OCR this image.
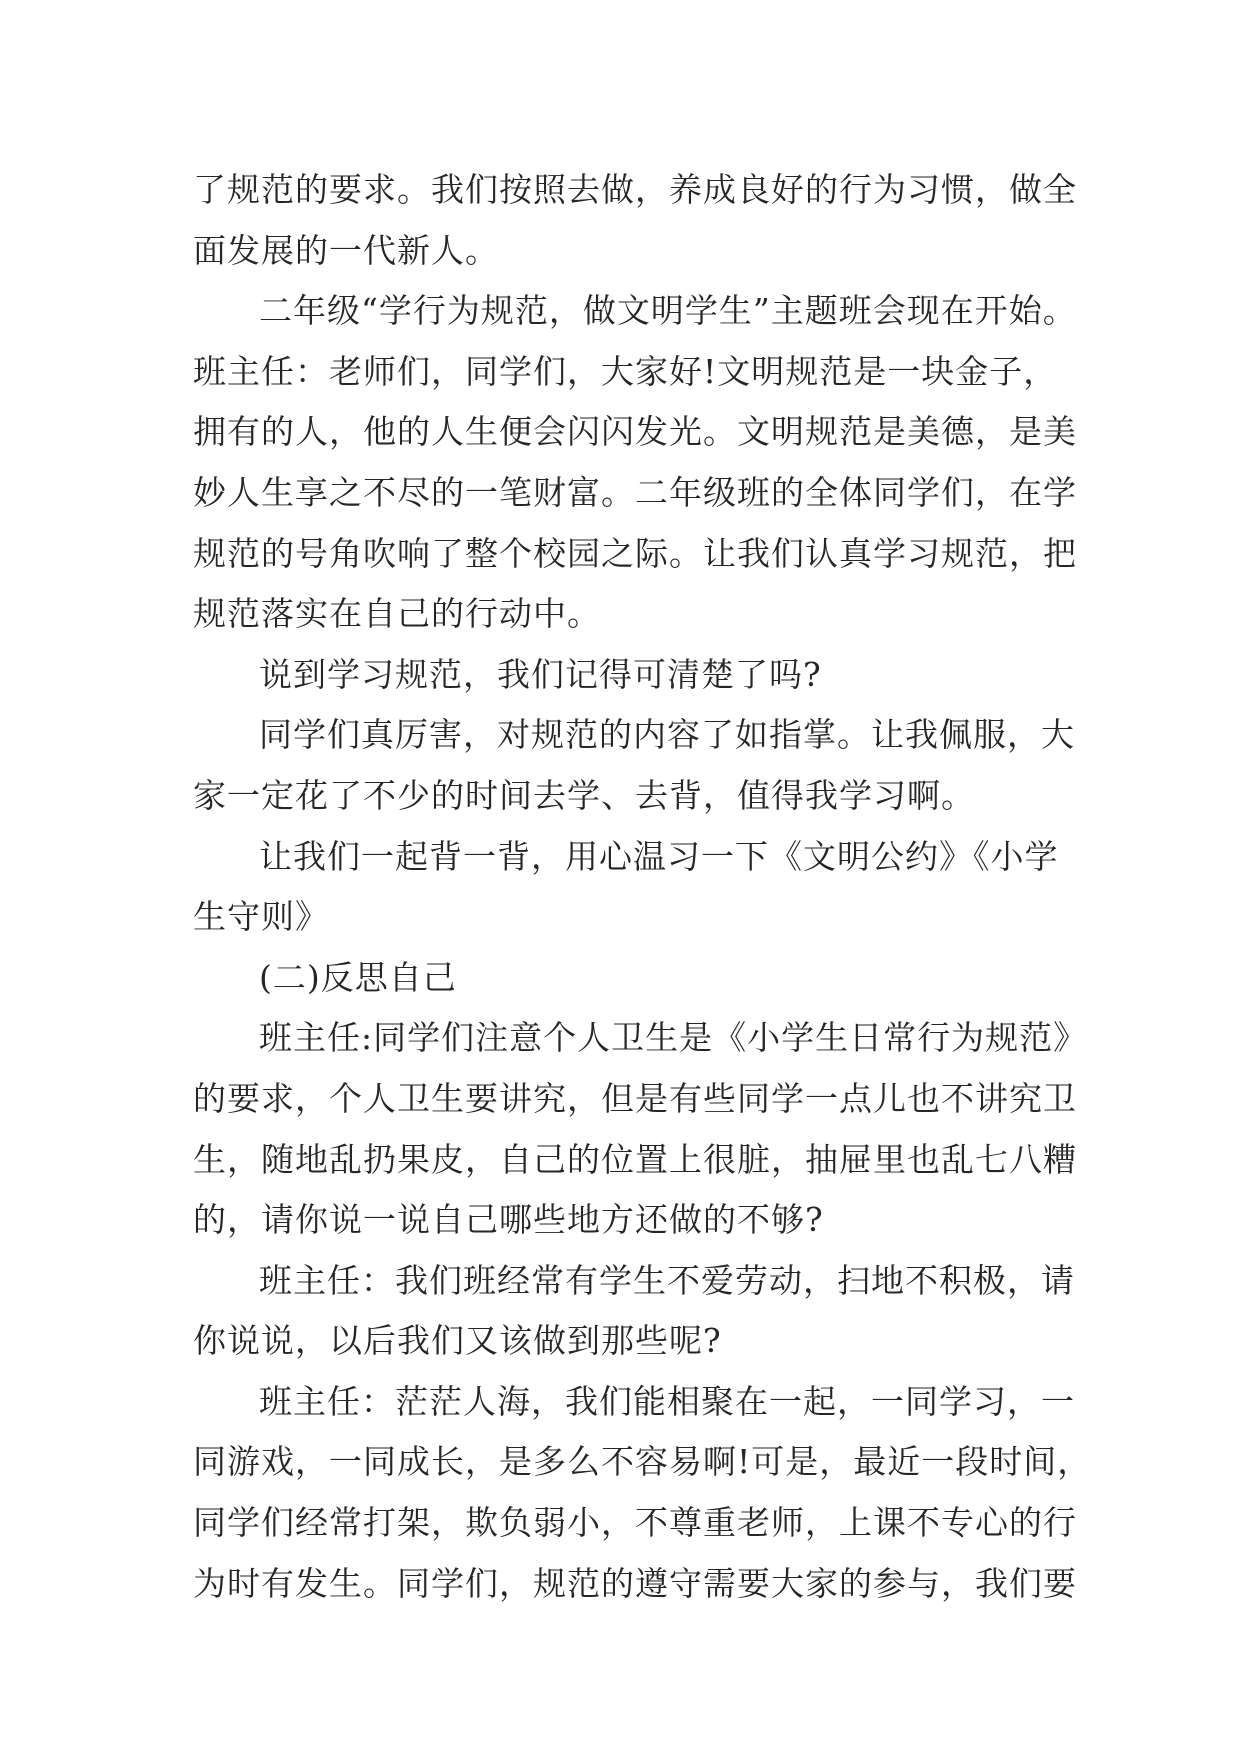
了规范的要求。我们按照去做，养成良好的行为习惯，做全
面发展的一代新人。
二年级“学行为规范，做文明学生”主题班会现在开始。
班主任：老师们，同学们，大家好!文明规范是一块金子，
拥有的人，他的人生便会闪闪发光。文明规范是美德，是美
妙人生享之不尽的一笔财富。二年级班的全体同学们，在学
规范的号角吹响了整个校园之际。让我们认真学习规范，把
规范落实在自己的行动中。
说到学习规范，我们记得可清楚了吗?
同学们真厉害，对规范的内容了如指掌。让我佩服，大
家一定花了不少的时间去学、去背，值得我学习啊。
让我们一起背一背，用心温习一下《文明公约》《小学
生守则》
(二)反思自己
班主任:同学们注意个人卫生是《小学生日常行为规范》
的要求，个人卫生要讲究，但是有些同学一点儿也不讲究卫
生，随地乱扔果皮，自己的位置上很脏，抽屉里也乱七八糟
的，请你说一说自己哪些地方还做的不够?
班主任：我们班经常有学生不爱劳动，扫地不积极，请
你说说，以后我们又该做到那些呢?
班主任：茫茫人海，我们能相聚在一起，一同学习，一
同游戏，一同成长，是多么不容易啊!可是，最近一段时间，
同学们经常打架，欺负弱小，不尊重老师，上课不专心的行
为时有发生。同学们，规范的遵守需要大家的参与，我们要
